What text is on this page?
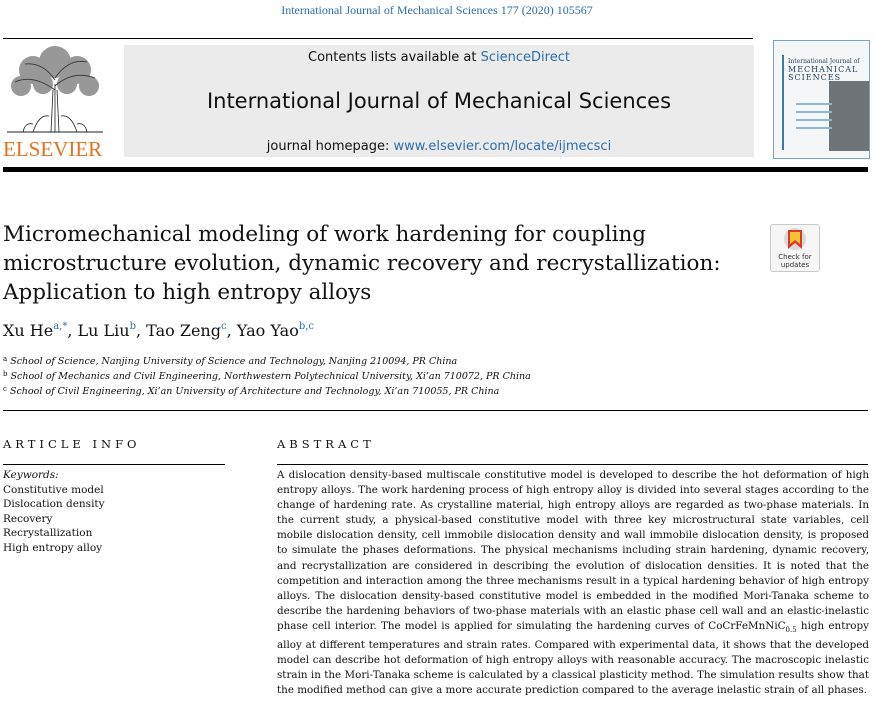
International Journal of Mechanical Sciences 177 (2020) 105567
ELSEVIER
Contents lists available at ScienceDirect
International Journal of Mechanical Sciences
journal homepage: www.elsevier.com/locate/ijmecsci
International Journal of
MECHANICAL
SCIENCES
Micromechanical modeling of work hardening for coupling microstructure evolution, dynamic recovery and recrystallization: Application to high entropy alloys
Check for updates
Xu $He^{a,*}$, Lu Liu$^b$, Tao Zeng$^c$, Yao Yao$^{b,c}$
$^a$ School of Science, Nanjing University of Science and Technology, Nanjing 210094, PR China
$^b$ School of Mechanics and Civil Engineering, Northwestern Polytechnical University, Xi’an 710072, PR China
$^c$ School of Civil Engineering, Xi’an University of Architecture and Technology, Xi’an 710055, PR China
ARTICLE INFO	ABSTRACT
Keywords:
Constitutive model
Dislocation density
Recovery
Recrystallization
High entropy alloy
A dislocation density-based multiscale constitutive model is developed to describe the hot deformation of high entropy alloys. The work hardening process of high entropy alloy is divided into several stages according to the change of hardening rate. As crystalline material, high entropy alloys are regarded as two-phase materials. In the current study, a physical-based constitutive model with three key microstructural state variables, cell mobile dislocation density, cell immobile dislocation density and wall immobile dislocation density, is proposed to simulate the phases deformations. The physical mechanisms including strain hardening, dynamic recovery, and recrystallization are considered in describing the evolution of dislocation densities. It is noted that the competition and interaction among the three mechanisms result in a typical hardening behavior of high entropy alloys. The dislocation density-based constitutive model is embedded in the modified Mori-Tanaka scheme to describe the hardening behaviors of two-phase materials with an elastic phase cell wall and an elastic-inelastic phase cell interior. The model is applied for simulating the hardening curves of CoCrFeMnNiC$_{0.5}$ high entropy alloy at different temperatures and strain rates. Compared with experimental data, it shows that the developed model can describe hot deformation of high entropy alloys with reasonable accuracy. The macroscopic inelastic strain in the Mori-Tanaka scheme is calculated by a classical plasticity method. The simulation results show that the modified method can give a more accurate prediction compared to the average inelastic strain of all phases.
